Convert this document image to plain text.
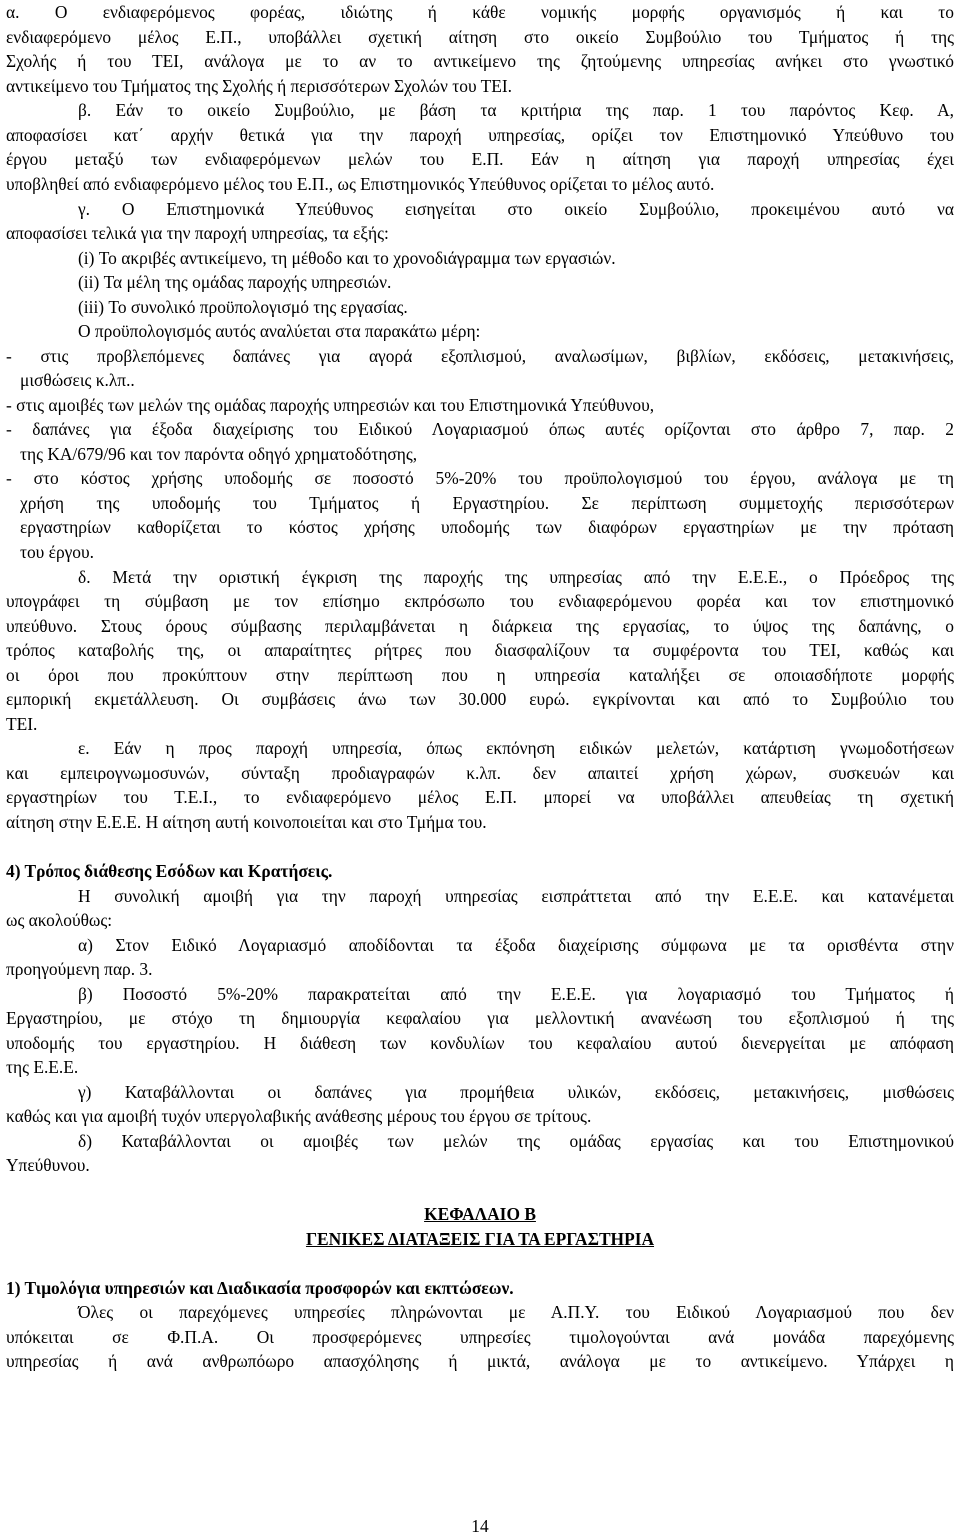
14
α. Ο ενδιαφερόμενος φορέας, ιδιώτης ή κάθε νομικής μορφής οργανισμός ή και το
ενδιαφερόμενο μέλος Ε.Π., υποβάλλει σχετική αίτηση στο οικείο Συμβούλιο του Τμήματος ή της
Σχολής ή του ΤΕΙ, ανάλογα με το αν το αντικείμενο της ζητούμενης υπηρεσίας ανήκει στο γνωστικό
αντικείμενο του Τμήματος της Σχολής ή περισσότερων Σχολών του ΤΕΙ.
β. Εάν το οικείο Συμβούλιο, με βάση τα κριτήρια της παρ. 1 του παρόντος Κεφ. Α,
αποφασίσει κατ΄ αρχήν θετικά για την παροχή υπηρεσίας, ορίζει τον Επιστημονικό Υπεύθυνο του
έργου μεταξύ των ενδιαφερόμενων μελών του Ε.Π. Εάν η αίτηση για παροχή υπηρεσίας έχει
υποβληθεί από ενδιαφερόμενο μέλος του Ε.Π., ως Επιστημονικός Υπεύθυνος ορίζεται το μέλος αυτό.
γ. Ο Επιστημονικά Υπεύθυνος εισηγείται στο οικείο Συμβούλιο, προκειμένου αυτό να
αποφασίσει τελικά για την παροχή υπηρεσίας, τα εξής:
(i) Το ακριβές αντικείμενο, τη μέθοδο και το χρονοδιάγραμμα των εργασιών.
(ii) Τα μέλη της ομάδας παροχής υπηρεσιών.
(iii) Το συνολικό προϋπολογισμό της εργασίας.
Ο προϋπολογισμός αυτός αναλύεται στα παρακάτω μέρη:
- στις προβλεπόμενες δαπάνες για αγορά εξοπλισμού, αναλωσίμων, βιβλίων, εκδόσεις, μετακινήσεις,
μισθώσεις κ.λπ..
- στις αμοιβές των μελών της ομάδας παροχής υπηρεσιών και του Επιστημονικά Υπεύθυνου,
- δαπάνες για έξοδα διαχείρισης του Ειδικού Λογαριασμού όπως αυτές ορίζονται στο άρθρο 7, παρ. 2
της ΚΑ/679/96 και τον παρόντα οδηγό χρηματοδότησης,
- στο κόστος χρήσης υποδομής σε ποσοστό 5%-20% του προϋπολογισμού του έργου, ανάλογα με τη
χρήση της υποδομής του Τμήματος ή Εργαστηρίου. Σε περίπτωση συμμετοχής περισσότερων
εργαστηρίων καθορίζεται το κόστος χρήσης υποδομής των διαφόρων εργαστηρίων με την πρόταση
του έργου.
δ. Μετά την οριστική έγκριση της παροχής της υπηρεσίας από την Ε.Ε.Ε., ο Πρόεδρος της
υπογράφει τη σύμβαση με τον επίσημο εκπρόσωπο του ενδιαφερόμενου φορέα και τον επιστημονικό
υπεύθυνο. Στους όρους σύμβασης περιλαμβάνεται η διάρκεια της εργασίας, το ύψος της δαπάνης, ο
τρόπος καταβολής της, οι απαραίτητες ρήτρες που διασφαλίζουν τα συμφέροντα του ΤΕΙ, καθώς και
οι όροι που προκύπτουν στην περίπτωση που η υπηρεσία καταλήξει σε οποιασδήποτε μορφής
εμπορική εκμετάλλευση. Οι συμβάσεις άνω των 30.000 ευρώ. εγκρίνονται και από το Συμβούλιο του
ΤΕΙ.
ε. Εάν η προς παροχή υπηρεσία, όπως εκπόνηση ειδικών μελετών, κατάρτιση γνωμοδοτήσεων
και εμπειρογνωμοσυνών, σύνταξη προδιαγραφών κ.λπ. δεν απαιτεί χρήση χώρων, συσκευών και
εργαστηρίων του Τ.Ε.Ι., το ενδιαφερόμενο μέλος Ε.Π. μπορεί να υποβάλλει απευθείας τη σχετική
αίτηση στην Ε.Ε.Ε. Η αίτηση αυτή κοινοποιείται και στο Τμήμα του.
4) Τρόπος διάθεσης Εσόδων και Κρατήσεις.
Η συνολική αμοιβή για την παροχή υπηρεσίας εισπράττεται από την Ε.Ε.Ε. και κατανέμεται
ως ακολούθως:
α) Στον Ειδικό Λογαριασμό αποδίδονται τα έξοδα διαχείρισης σύμφωνα με τα ορισθέντα στην
προηγούμενη παρ. 3.
β) Ποσοστό 5%-20% παρακρατείται από την Ε.Ε.Ε. για λογαριασμό του Τμήματος ή
Εργαστηρίου, με στόχο τη δημιουργία κεφαλαίου για μελλοντική ανανέωση του εξοπλισμού ή της
υποδομής του εργαστηρίου. Η διάθεση των κονδυλίων του κεφαλαίου αυτού διενεργείται με απόφαση
της Ε.Ε.Ε.
γ) Καταβάλλονται οι δαπάνες για προμήθεια υλικών, εκδόσεις, μετακινήσεις, μισθώσεις
καθώς και για αμοιβή τυχόν υπεργολαβικής ανάθεσης μέρους του έργου σε τρίτους.
δ) Καταβάλλονται οι αμοιβές των μελών της ομάδας εργασίας και του Επιστημονικού
Υπεύθυνου.
ΚΕΦΑΛΑΙΟ Β
ΓΕΝΙΚΕΣ ΔΙΑΤΑΞΕΙΣ ΓΙΑ ΤΑ ΕΡΓΑΣΤΗΡΙΑ
1) Τιμολόγια υπηρεσιών και Διαδικασία προσφορών και εκπτώσεων.
Όλες οι παρεχόμενες υπηρεσίες πληρώνονται με Α.Π.Υ. του Ειδικού Λογαριασμού που δεν
υπόκειται σε Φ.Π.Α. Οι προσφερόμενες υπηρεσίες τιμολογούνται ανά μονάδα παρεχόμενης
υπηρεσίας ή ανά ανθρωπόωρο απασχόλησης ή μικτά, ανάλογα με το αντικείμενο. Υπάρχει η
